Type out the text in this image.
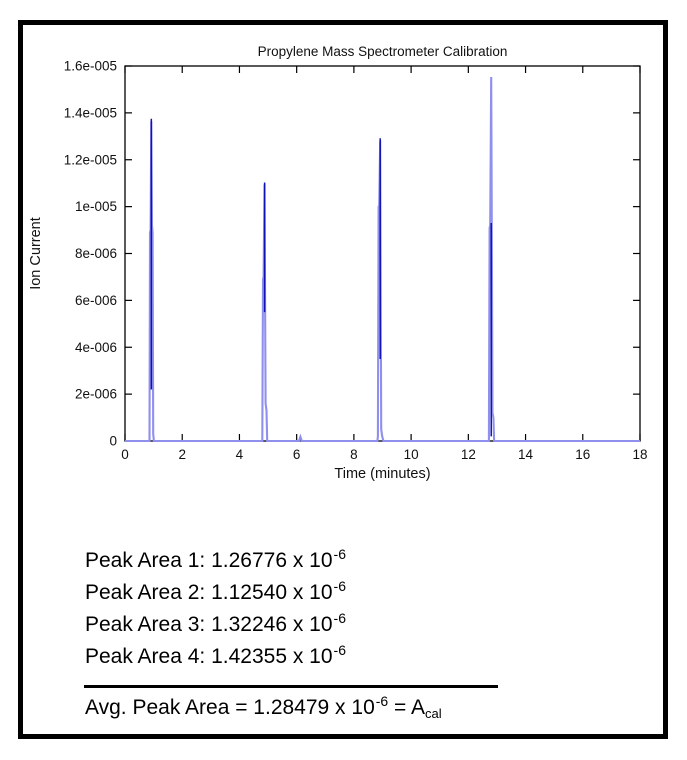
0	2	4	6	8	10	12	14	16	18
0
2e-006
4e-006
6e-006
8e-006
1e-005
1.2e-005
1.4e-005
1.6e-005
Propylene Mass Spectrometer Calibration
Time (minutes)
Ion Current
Peak Area 1: 1.26776 x $10^{-6}$
Peak Area 2: 1.12540 x $10^{-6}$
Peak Area 3: 1.32246 x $10^{-6}$
Peak Area 4: 1.42355 x $10^{-6}$
Avg. Peak Area = 1.28479 x $10^{-6}$ = Acal
